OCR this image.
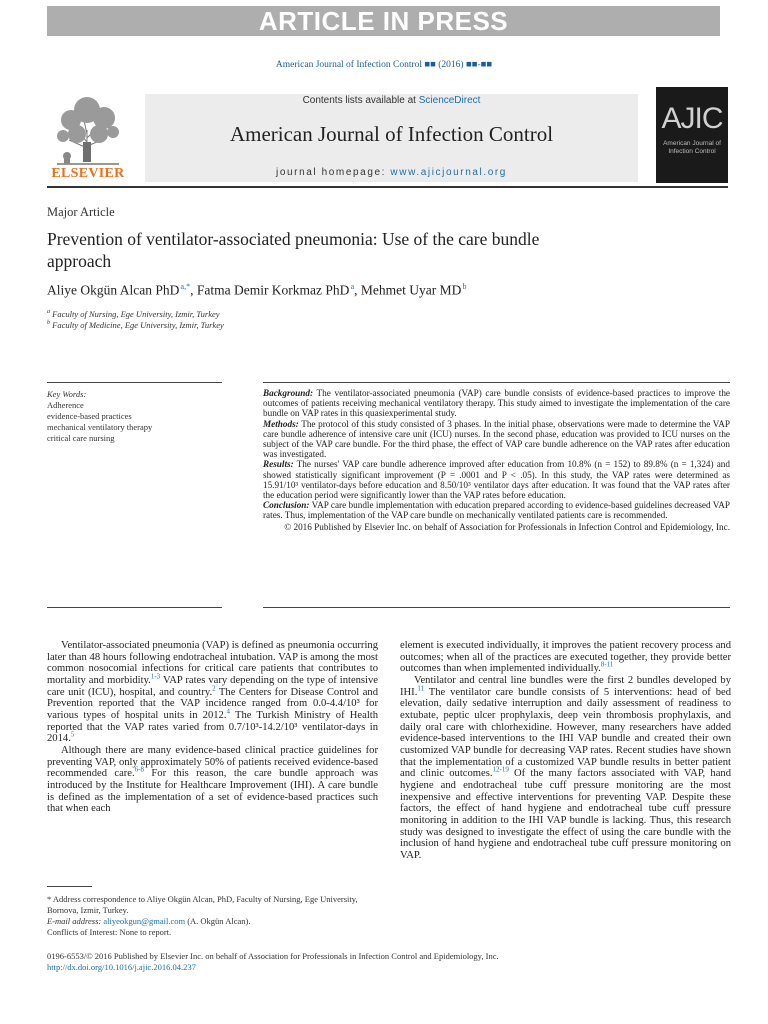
ARTICLE IN PRESS
American Journal of Infection Control ■■ (2016) ■■-■■
ELSEVIER
Contents lists available at ScienceDirect
American Journal of Infection Control
journal homepage: www.ajicjournal.org
AJIC
American Journal of
Infection Control
Major Article
Prevention of ventilator-associated pneumonia: Use of the care bundle approach
Aliye Okgün Alcan PhD $^{a,*}$, Fatma Demir Korkmaz PhD $^a$, Mehmet Uyar MD $^b$
$^a$ Faculty of Nursing, Ege University, Izmir, Turkey
$^b$ Faculty of Medicine, Ege University, Izmir, Turkey
Key Words:
Adherence
evidence-based practices
mechanical ventilatory therapy
critical care nursing

Background: The ventilator-associated pneumonia (VAP) care bundle consists of evidence-based practices to improve the outcomes of patients receiving mechanical ventilatory therapy. This study aimed to investigate the implementation of the care bundle on VAP rates in this quasiexperimental study.

Methods: The protocol of this study consisted of 3 phases. In the initial phase, observations were made to determine the VAP care bundle adherence of intensive care unit (ICU) nurses. In the second phase, education was provided to ICU nurses on the subject of the VAP care bundle. For the third phase, the effect of VAP care bundle adherence on the VAP rates after education was investigated.

Results: The nurses' VAP care bundle adherence improved after education from 10.8% (n = 152) to 89.8% (n = 1,324) and showed statistically significant improvement (P = .0001 and P < .05). In this study, the VAP rates were determined as 15.91/10³ ventilator-days before education and 8.50/10³ ventilator days after education. It was found that the VAP rates after the education period were significantly lower than the VAP rates before education.

Conclusion: VAP care bundle implementation with education prepared according to evidence-based guidelines decreased VAP rates. Thus, implementation of the VAP care bundle on mechanically ventilated patients care is recommended.

© 2016 Published by Elsevier Inc. on behalf of Association for Professionals in Infection Control and Epidemiology, Inc.

Ventilator-associated pneumonia (VAP) is defined as pneumonia occurring later than 48 hours following endotracheal intubation. VAP is among the most common nosocomial infections for critical care patients that contributes to mortality and morbidity.$^{1-3}$ VAP rates vary depending on the type of intensive care unit (ICU), hospital, and country.$^2$ The Centers for Disease Control and Prevention reported that the VAP incidence ranged from 0.0-4.4/10³ for various types of hospital units in 2012.$^4$ The Turkish Ministry of Health reported that the VAP rates varied from 0.7/10³-14.2/10³ ventilator-days in 2014.$^5$

Although there are many evidence-based clinical practice guidelines for preventing VAP, only approximately 50% of patients received evidence-based recommended care.$^{6-8}$ For this reason, the care bundle approach was introduced by the Institute for Healthcare Improvement (IHI). A care bundle is defined as the implementation of a set of evidence-based practices such that when each

element is executed individually, it improves the patient recovery process and outcomes; when all of the practices are executed together, they provide better outcomes than when implemented individually.$^{8-11}$

Ventilator and central line bundles were the first 2 bundles developed by IHI.$^{11}$ The ventilator care bundle consists of 5 interventions: head of bed elevation, daily sedative interruption and daily assessment of readiness to extubate, peptic ulcer prophylaxis, deep vein thrombosis prophylaxis, and daily oral care with chlorhexidine. However, many researchers have added evidence-based interventions to the IHI VAP bundle and created their own customized VAP bundle for decreasing VAP rates. Recent studies have shown that the implementation of a customized VAP bundle results in better patient and clinic outcomes.$^{12-19}$ Of the many factors associated with VAP, hand hygiene and endotracheal tube cuff pressure monitoring are the most inexpensive and effective interventions for preventing VAP. Despite these factors, the effect of hand hygiene and endotracheal tube cuff pressure monitoring in addition to the IHI VAP bundle is lacking. Thus, this research study was designed to investigate the effect of using the care bundle with the inclusion of hand hygiene and endotracheal tube cuff pressure monitoring on VAP.

* Address correspondence to Aliye Okgün Alcan, PhD, Faculty of Nursing, Ege University, Bornova, Izmir, Turkey.
E-mail address: aliyeokgun@gmail.com (A. Okgün Alcan).
Conflicts of Interest: None to report.
0196-6553/© 2016 Published by Elsevier Inc. on behalf of Association for Professionals in Infection Control and Epidemiology, Inc.
http://dx.doi.org/10.1016/j.ajic.2016.04.237
